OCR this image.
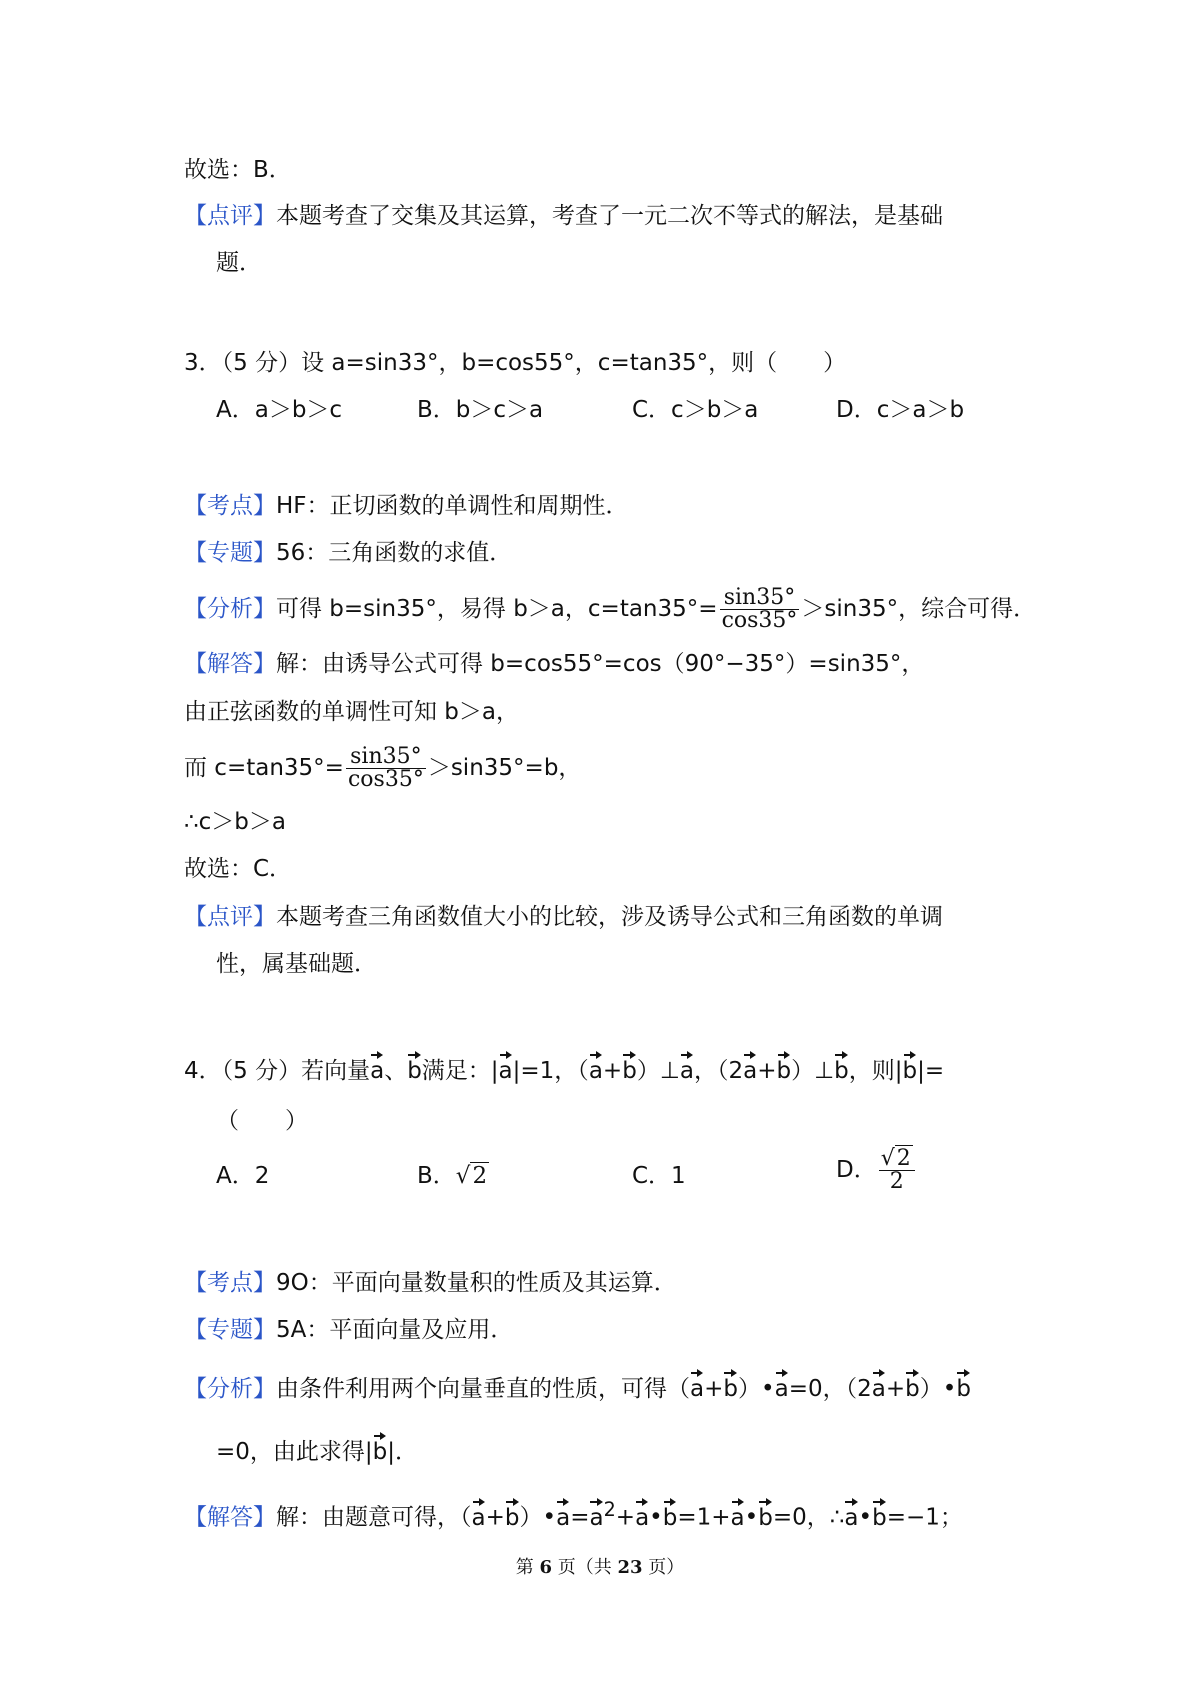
故选：B．
【点评】本题考查了交集及其运算，考查了一元二次不等式的解法，是基础
题．
3．（5 分）设 a=sin33°，b=cos55°，c=tan35°，则（　　）
A．a＞b＞c	B．b＞c＞a	C．c＞b＞a	D．c＞a＞b
【考点】HF：正切函数的单调性和周期性．
【专题】56：三角函数的求值．
【分析】可得 b=sin35°，易得 b＞a，$c=\tan 35^\circ= \frac{\sin 35^\circ}{\cos 35^\circ} >\sin 35^\circ$，综合可得．
【解答】解：由诱导公式可得 b=cos55°=cos（90°−35°）=sin35°，
由正弦函数的单调性可知 b＞a，
而 $c=\tan 35^\circ= \frac{\sin 35^\circ}{\cos 35^\circ} >\sin 35^\circ=b$，
∴c＞b＞a
故选：C．
【点评】本题考查三角函数值大小的比较，涉及诱导公式和三角函数的单调
性，属基础题．
4．（5 分）若向量a、b满足：|a|=1，（a+b）⊥a，（2a+b）⊥b，则|b|=
（　　）
A．2	B．√2	C．1	D． $\frac{√2}{2}$
【考点】9O：平面向量数量积的性质及其运算．
【专题】5A：平面向量及应用．
【分析】由条件利用两个向量垂直的性质，可得（a+b）•a=0，（2a+b）•b
=0，由此求得|b|．
【解答】解：由题意可得，$(a+b)•a=a^2+a•b=1+a•b=0$，∴a•b=−1；
第 6 页（共 23 页）
